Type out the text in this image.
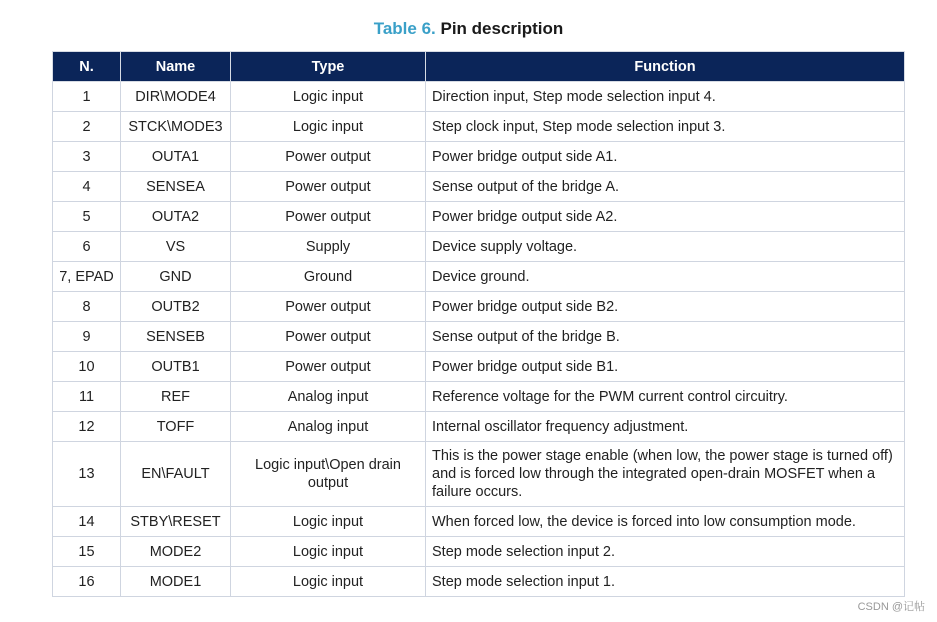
Table 6. Pin description
N.	Name	Type	Function
1	DIR\MODE4	Logic input	Direction input, Step mode selection input 4.
2	STCK\MODE3	Logic input	Step clock input, Step mode selection input 3.
3	OUTA1	Power output	Power bridge output side A1.
4	SENSEA	Power output	Sense output of the bridge A.
5	OUTA2	Power output	Power bridge output side A2.
6	VS	Supply	Device supply voltage.
7, EPAD	GND	Ground	Device ground.
8	OUTB2	Power output	Power bridge output side B2.
9	SENSEB	Power output	Sense output of the bridge B.
10	OUTB1	Power output	Power bridge output side B1.
11	REF	Analog input	Reference voltage for the PWM current control circuitry.
12	TOFF	Analog input	Internal oscillator frequency adjustment.
13	EN\FAULT	Logic input\Open drain output	This is the power stage enable (when low, the power stage is turned off) and is forced low through the integrated open-drain MOSFET when a failure occurs.
14	STBY\RESET	Logic input	When forced low, the device is forced into low consumption mode.
15	MODE2	Logic input	Step mode selection input 2.
16	MODE1	Logic input	Step mode selection input 1.
CSDN @记帖
